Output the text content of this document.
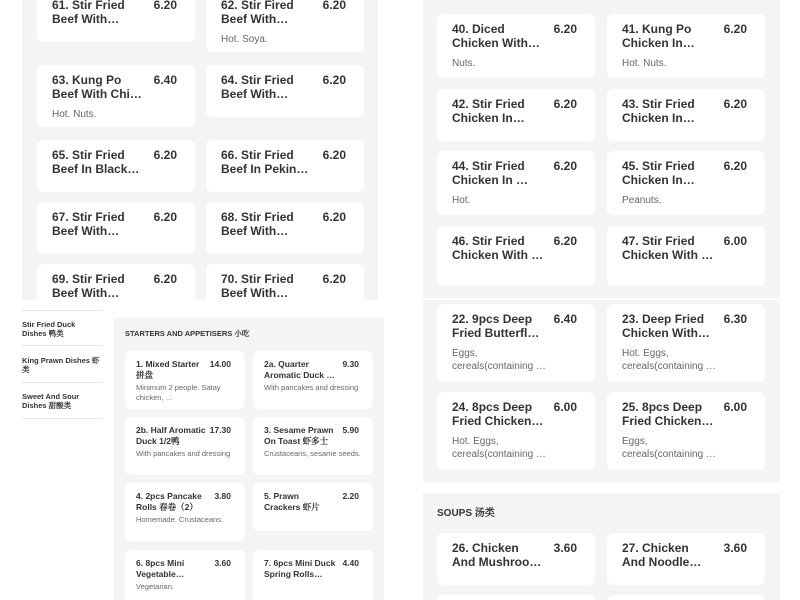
61. Stir Fried Beef With
6.20	62. Stir Fired Beef With
6.20
Hot. Soya.
63. Kung Po Beef With Chilli
6.40
Hot. Nuts.
64. Stir Fried Beef With
6.20
65. Stir Fried Beef In Black
6.20	66. Stir Fried Beef In Peking
6.20
67. Stir Fried Beef With
6.20	68. Stir Fried Beef With
6.20
69. Stir Fried Beef With
6.20	70. Stir Fried Beef With
6.20
40. Diced Chicken With
6.20
Nuts.
41. Kung Po Chicken In
6.20
Hot. Nuts.
42. Stir Fried Chicken In
6.20	43. Stir Fried Chicken In
6.20
44. Stir Fried Chicken In …
6.20
Hot.
45. Stir Fried Chicken In
6.20
Peanuts.
46. Stir Fried Chicken With …
6.20	47. Stir Fried Chicken With …
6.00
22. 9pcs Deep Fried Butterfly
6.40
Eggs, cereals(containing …
23. Deep Fried Chicken With
6.30
Hot. Eggs, cereals(containing …
24. 8pcs Deep Fried Chicken
6.00
Hot. Eggs, cereals(containing …
25. 8pcs Deep Fried Chicken
6.00
Eggs, cereals(containing …
SOUPS 汤类
26. Chicken And Mushroom
3.60	27. Chicken And Noodle
3.60
Stir Fried Duck Dishes 鸭类
King Prawn Dishes 虾类
Sweet And Sour Dishes 甜酸类
STARTERS AND APPETISERS 小吃
1. Mixed Starter 拼盘
14.00
Minimum 2 people. Satay chicken, …
2a. Quarter Aromatic Duck …
9.30
With pancakes and dressing
2b. Half Aromatic Duck 1/2鸭
17.30
With pancakes and dressing
3. Sesame Prawn On Toast 虾多士
5.90
Crustaceans, sesame seeds.
4. 2pcs Pancake Rolls 春卷（2）
3.80
Homemade. Crustaceans.
5. Prawn Crackers 虾片
2.20
6. 8pcs Mini Vegetable
3.60
Vegetarian.
7. 6pcs Mini Duck Spring Rolls
4.40
